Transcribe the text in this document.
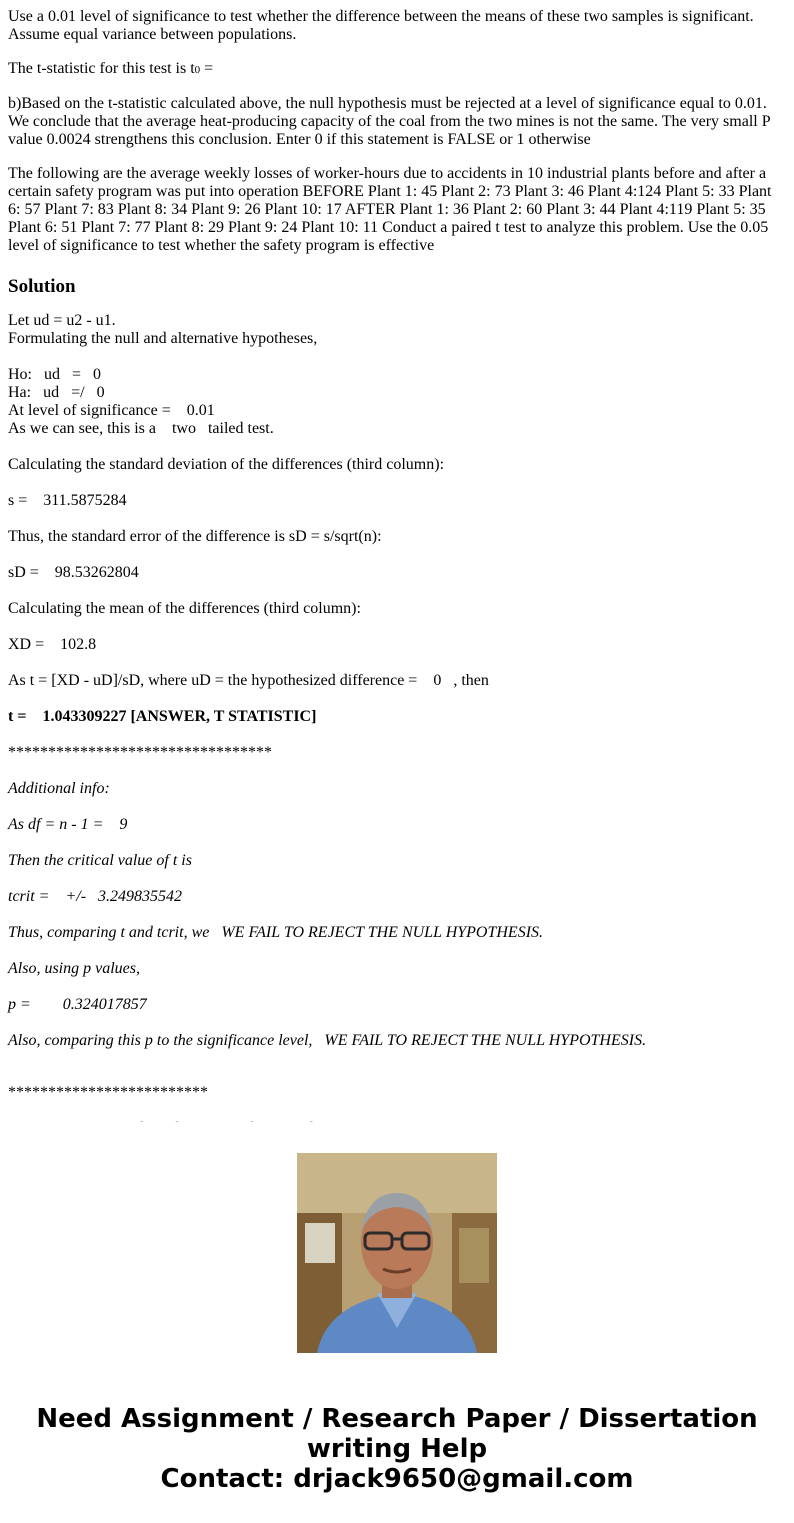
Use a 0.01 level of significance to test whether the difference between the means of these two samples is significant. Assume equal variance between populations.
The t-statistic for this test is t0 =
b)Based on the t-statistic calculated above, the null hypothesis must be rejected at a level of significance equal to 0.01. We conclude that the average heat-producing capacity of the coal from the two mines is not the same. The very small P value 0.0024 strengthens this conclusion. Enter 0 if this statement is FALSE or 1 otherwise
The following are the average weekly losses of worker-hours due to accidents in 10 industrial plants before and after a certain safety program was put into operation BEFORE Plant 1: 45 Plant 2: 73 Plant 3: 46 Plant 4:124 Plant 5: 33 Plant 6: 57 Plant 7: 83 Plant 8: 34 Plant 9: 26 Plant 10: 17 AFTER Plant 1: 36 Plant 2: 60 Plant 3: 44 Plant 4:119 Plant 5: 35 Plant 6: 51 Plant 7: 77 Plant 8: 29 Plant 9: 24 Plant 10: 11 Conduct a paired t test to analyze this problem. Use the 0.05 level of significance to test whether the safety program is effective
Solution
Let ud = u2 - u1.
Formulating the null and alternative hypotheses,
Ho:   ud   =   0
Ha:   ud   =/   0
At level of significance =    0.01
As we can see, this is a    two   tailed test.
Calculating the standard deviation of the differences (third column):
s =    311.5875284
Thus, the standard error of the difference is sD = s/sqrt(n):
sD =    98.53262804
Calculating the mean of the differences (third column):
XD =    102.8
As t = [XD - uD]/sD, where uD = the hypothesized difference =    0   , then
t =    1.043309227 [ANSWER, T STATISTIC]
*********************************
Additional info:
As df = n - 1 =    9
Then the critical value of t is
tcrit =    +/-   3.249835542
Thus, comparing t and tcrit, we   WE FAIL TO REJECT THE NULL HYPOTHESIS.
Also, using p values,
p =        0.324017857
Also, comparing this p to the significance level,   WE FAIL TO REJECT THE NULL HYPOTHESIS.
*************************
Need Assignment / Research Paper / Dissertation
writing Help
Contact: drjack9650@gmail.com
